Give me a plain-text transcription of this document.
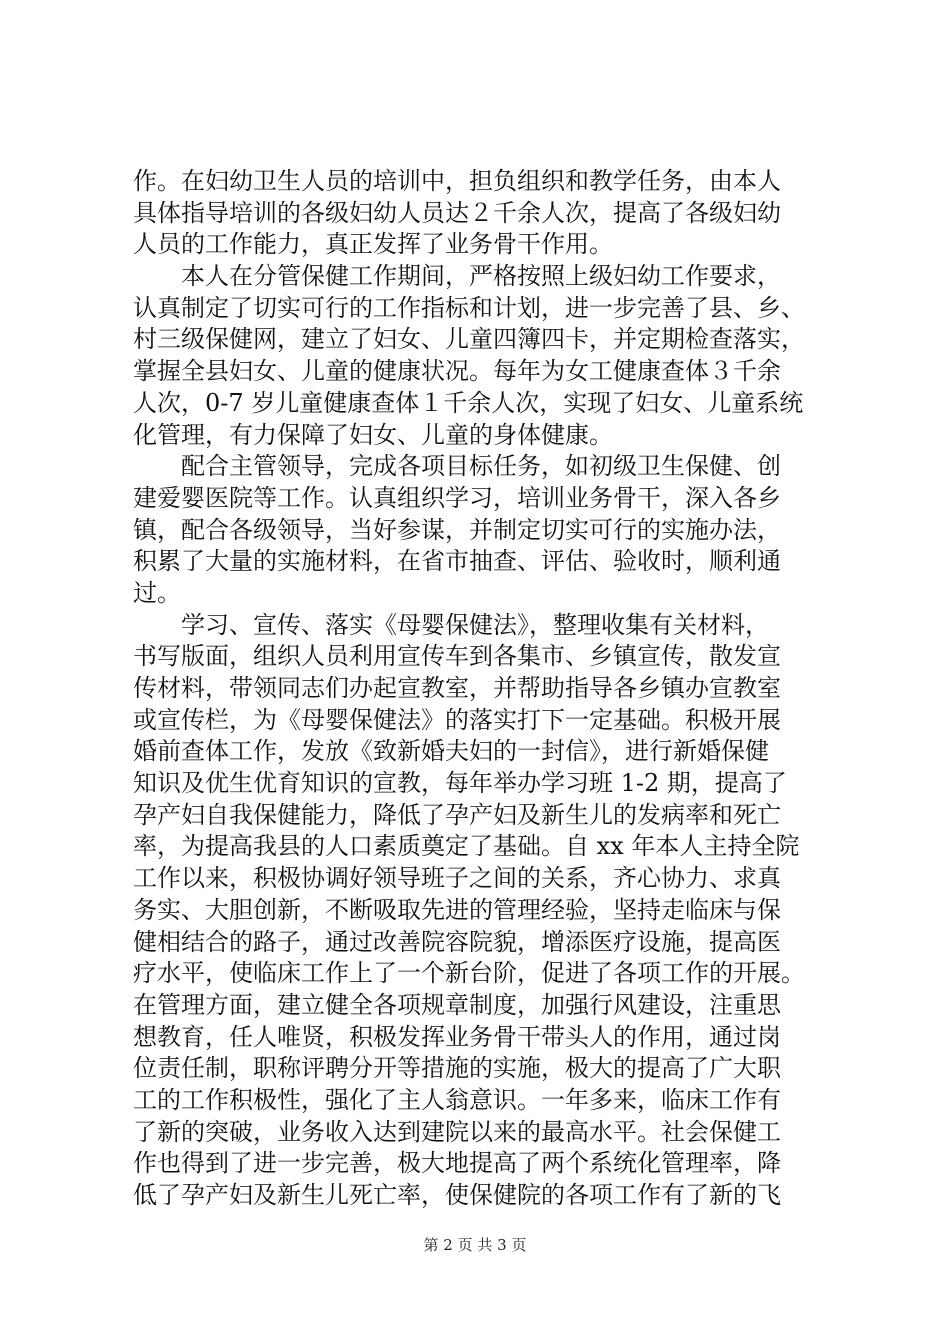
作。在妇幼卫生人员的培训中，担负组织和教学任务，由本人
具体指导培训的各级妇幼人员达２千余人次，提高了各级妇幼
人员的工作能力，真正发挥了业务骨干作用。
　　本人在分管保健工作期间，严格按照上级妇幼工作要求，
认真制定了切实可行的工作指标和计划，进一步完善了县、乡、
村三级保健网，建立了妇女、儿童四簿四卡，并定期检查落实，
掌握全县妇女、儿童的健康状况。每年为女工健康查体３千余
人次，0-7 岁儿童健康查体１千余人次，实现了妇女、儿童系统
化管理，有力保障了妇女、儿童的身体健康。
　　配合主管领导，完成各项目标任务，如初级卫生保健、创
建爱婴医院等工作。认真组织学习，培训业务骨干，深入各乡
镇，配合各级领导，当好参谋，并制定切实可行的实施办法，
积累了大量的实施材料，在省市抽查、评估、验收时，顺利通
过。
　　学习、宣传、落实《母婴保健法》，整理收集有关材料，
书写版面，组织人员利用宣传车到各集市、乡镇宣传，散发宣
传材料，带领同志们办起宣教室，并帮助指导各乡镇办宣教室
或宣传栏，为《母婴保健法》的落实打下一定基础。积极开展
婚前查体工作，发放《致新婚夫妇的一封信》，进行新婚保健
知识及优生优育知识的宣教，每年举办学习班 1-2 期，提高了
孕产妇自我保健能力，降低了孕产妇及新生儿的发病率和死亡
率，为提高我县的人口素质奠定了基础。自 xx 年本人主持全院
工作以来，积极协调好领导班子之间的关系，齐心协力、求真
务实、大胆创新，不断吸取先进的管理经验，坚持走临床与保
健相结合的路子，通过改善院容院貌，增添医疗设施，提高医
疗水平，使临床工作上了一个新台阶，促进了各项工作的开展。
在管理方面，建立健全各项规章制度，加强行风建设，注重思
想教育，任人唯贤，积极发挥业务骨干带头人的作用，通过岗
位责任制，职称评聘分开等措施的实施，极大的提高了广大职
工的工作积极性，强化了主人翁意识。一年多来，临床工作有
了新的突破，业务收入达到建院以来的最高水平。社会保健工
作也得到了进一步完善，极大地提高了两个系统化管理率，降
低了孕产妇及新生儿死亡率，使保健院的各项工作有了新的飞
第 2 页 共 3 页
